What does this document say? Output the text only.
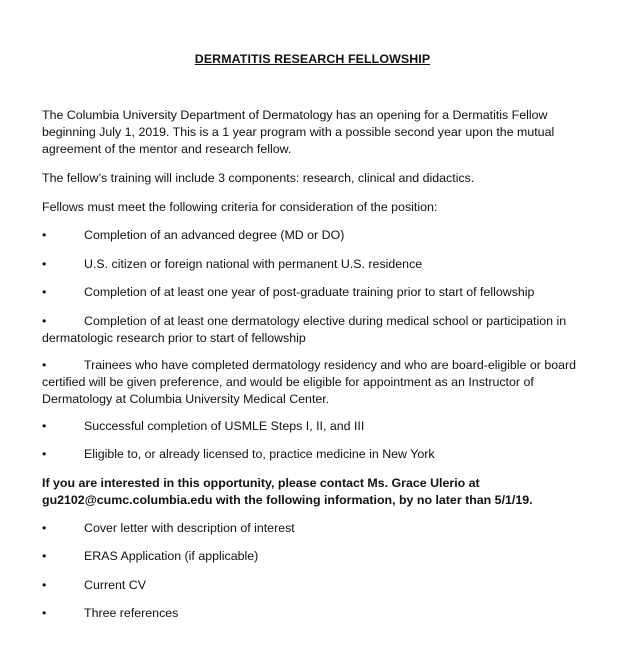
DERMATITIS RESEARCH FELLOWSHIP

The Columbia University Department of Dermatology has an opening for a Dermatitis Fellow beginning July 1, 2019. This is a 1 year program with a possible second year upon the mutual agreement of the mentor and research fellow.

The fellow’s training will include 3 components: research, clinical and didactics.

Fellows must meet the following criteria for consideration of the position:

•	Completion of an advanced degree (MD or DO)
•	U.S. citizen or foreign national with permanent U.S. residence
•	Completion of at least one year of post-graduate training prior to start of fellowship
•	Completion of at least one dermatology elective during medical school or participation in dermatologic research prior to start of fellowship
•	Trainees who have completed dermatology residency and who are board-eligible or board certified will be given preference, and would be eligible for appointment as an Instructor of Dermatology at Columbia University Medical Center.
•	Successful completion of USMLE Steps I, II, and III
•	Eligible to, or already licensed to, practice medicine in New York

If you are interested in this opportunity, please contact Ms. Grace Ulerio at gu2102@cumc.columbia.edu with the following information, by no later than 5/1/19.

•	Cover letter with description of interest
•	ERAS Application (if applicable)
•	Current CV
•	Three references
